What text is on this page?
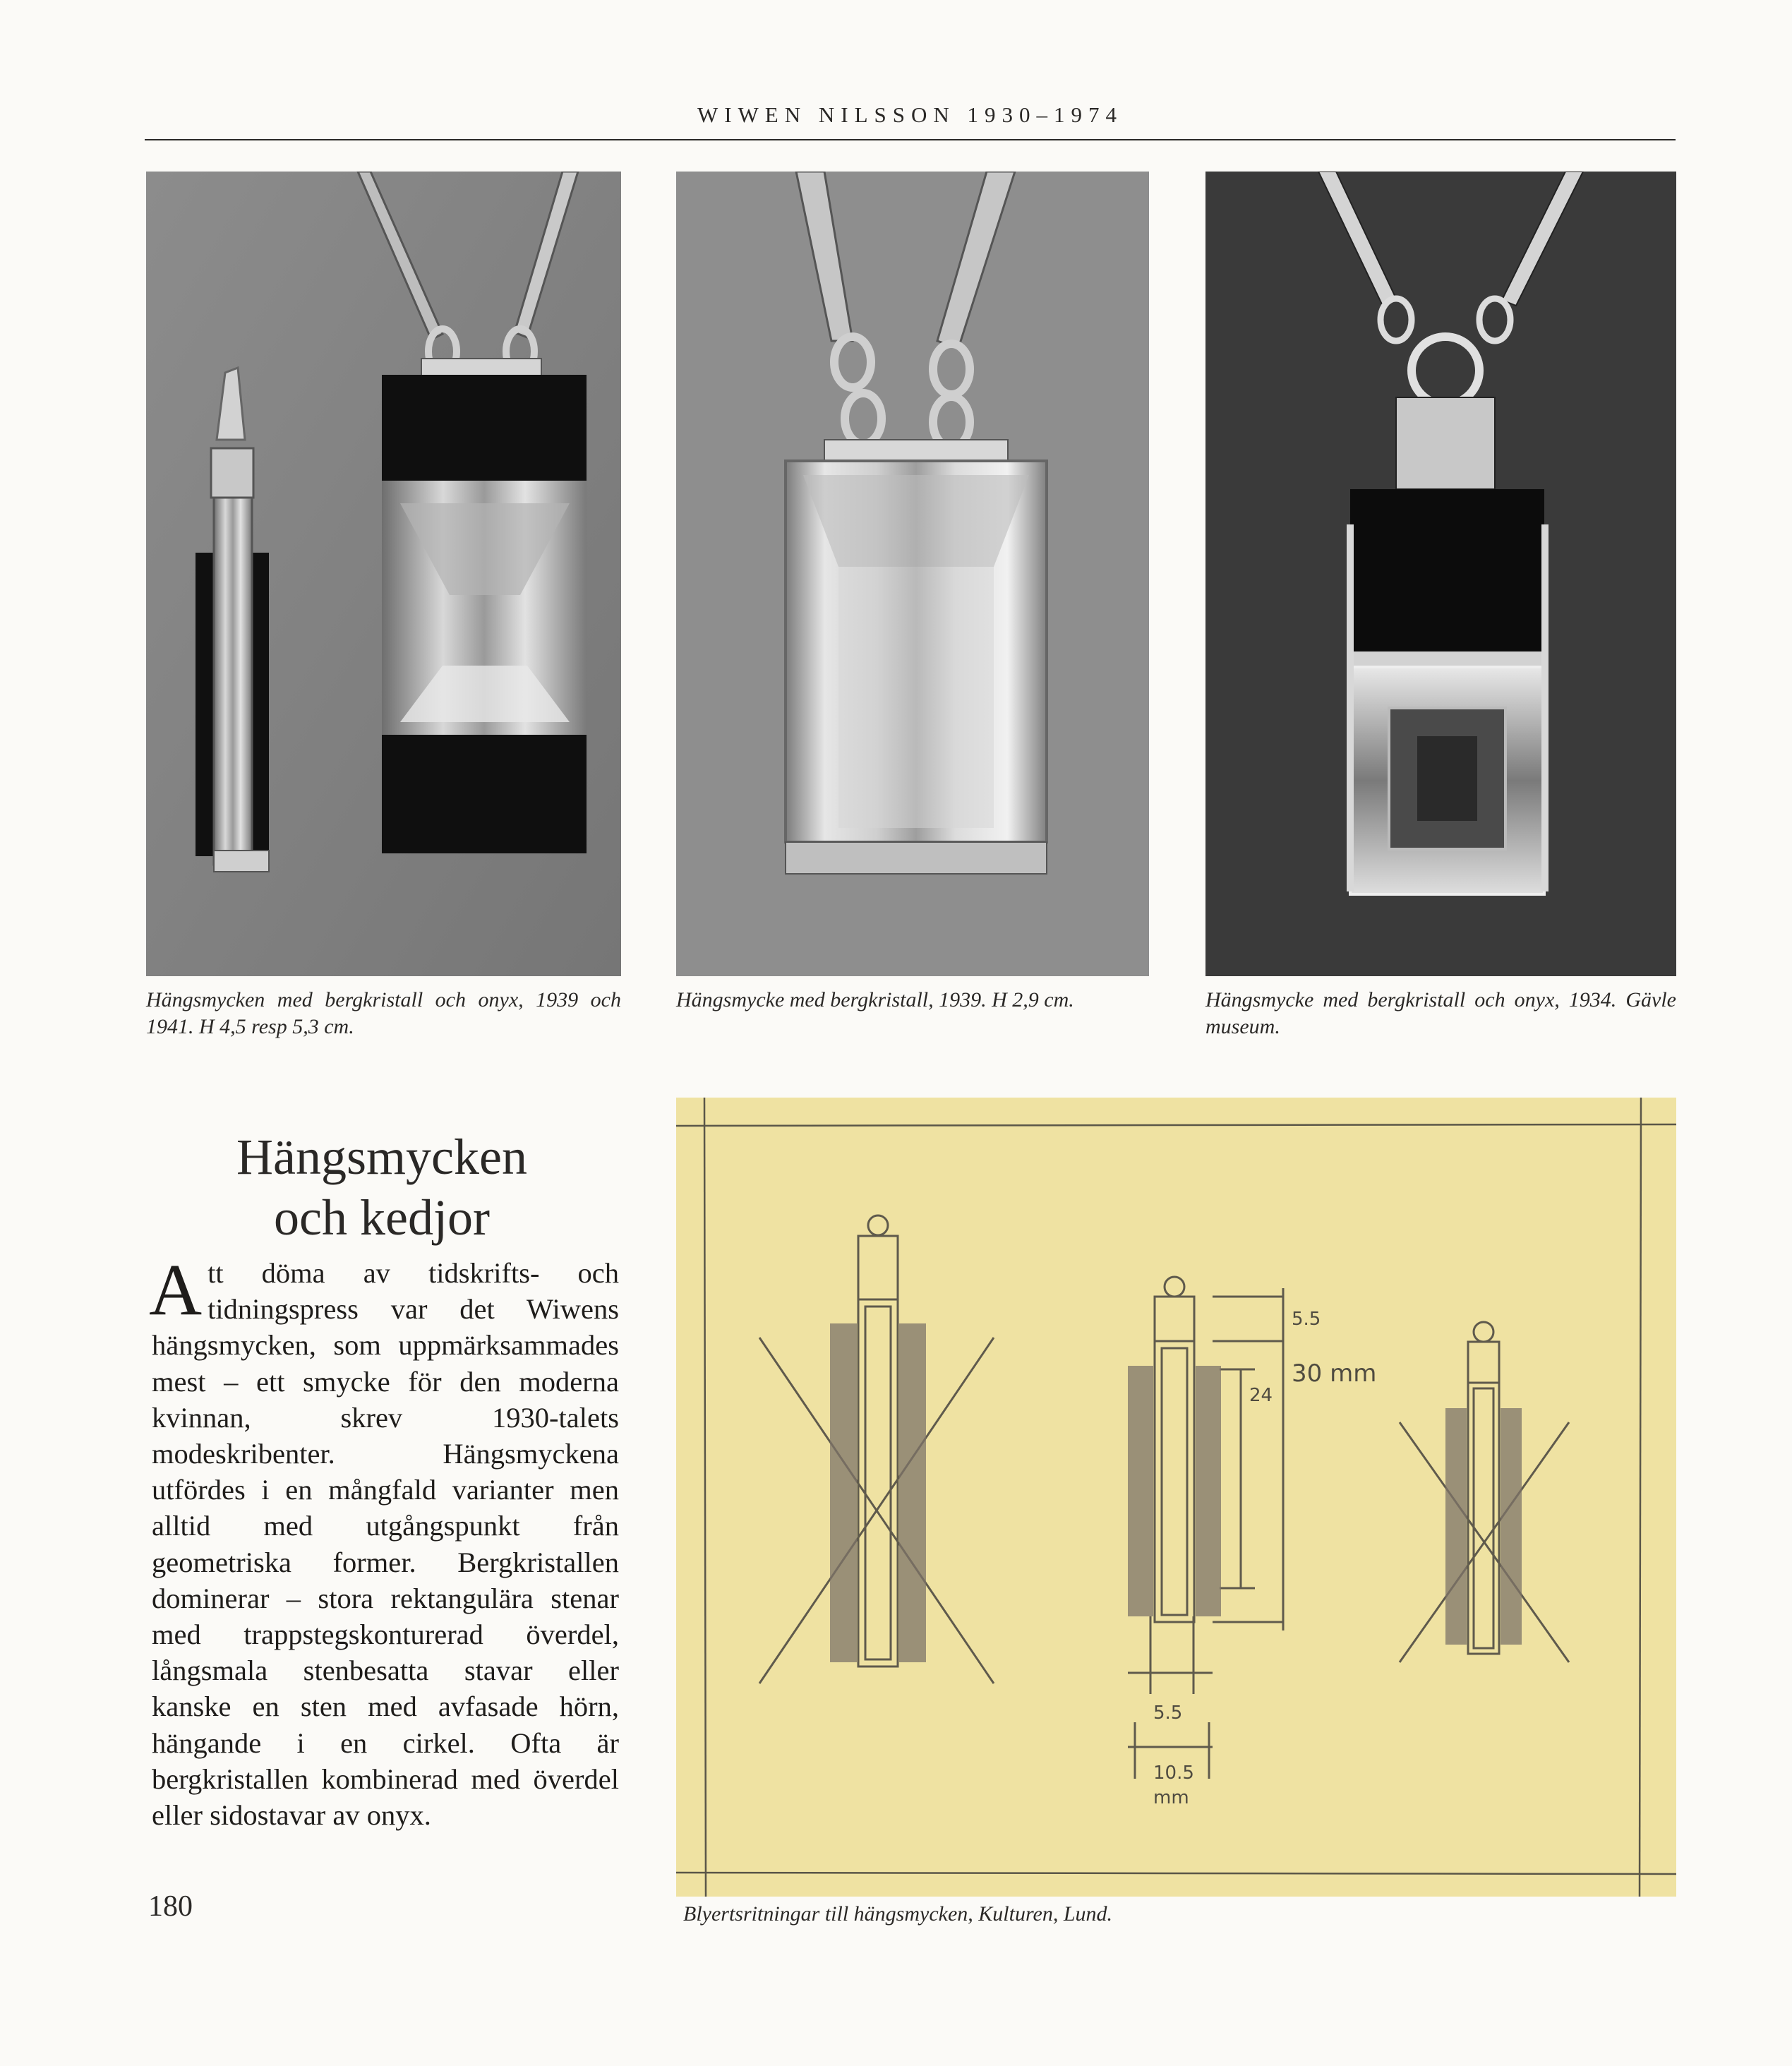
WIWEN NILSSON 1930–1974
Hängsmycken med bergkristall och onyx, 1939 och 1941. H 4,5 resp 5,3 cm.
Hängsmycke med bergkristall, 1939. H 2,9 cm.	Hängsmycke med bergkristall och onyx, 1934. Gävle museum.
Hängsmycken
och kedjor
Att döma av tidskrifts- och tidningspress var det Wiwens hängsmycken, som uppmärksammades mest – ett smycke för den moderna kvinnan, skrev 1930-talets modeskribenter. Hängsmyckena utfördes i en mångfald varianter men alltid med utgångspunkt från geometriska former. Bergkristallen dominerar – stora rektangulära stenar med trappstegskonturerad överdel, långsmala stenbesatta stavar eller kanske en sten med avfasade hörn, hängande i en cirkel. Ofta är bergkristallen kombinerad med överdel eller sidostavar av onyx.
180
5.5
30 mm
24
5.5
10.5
mm
Blyertsritningar till hängsmycken, Kulturen, Lund.
